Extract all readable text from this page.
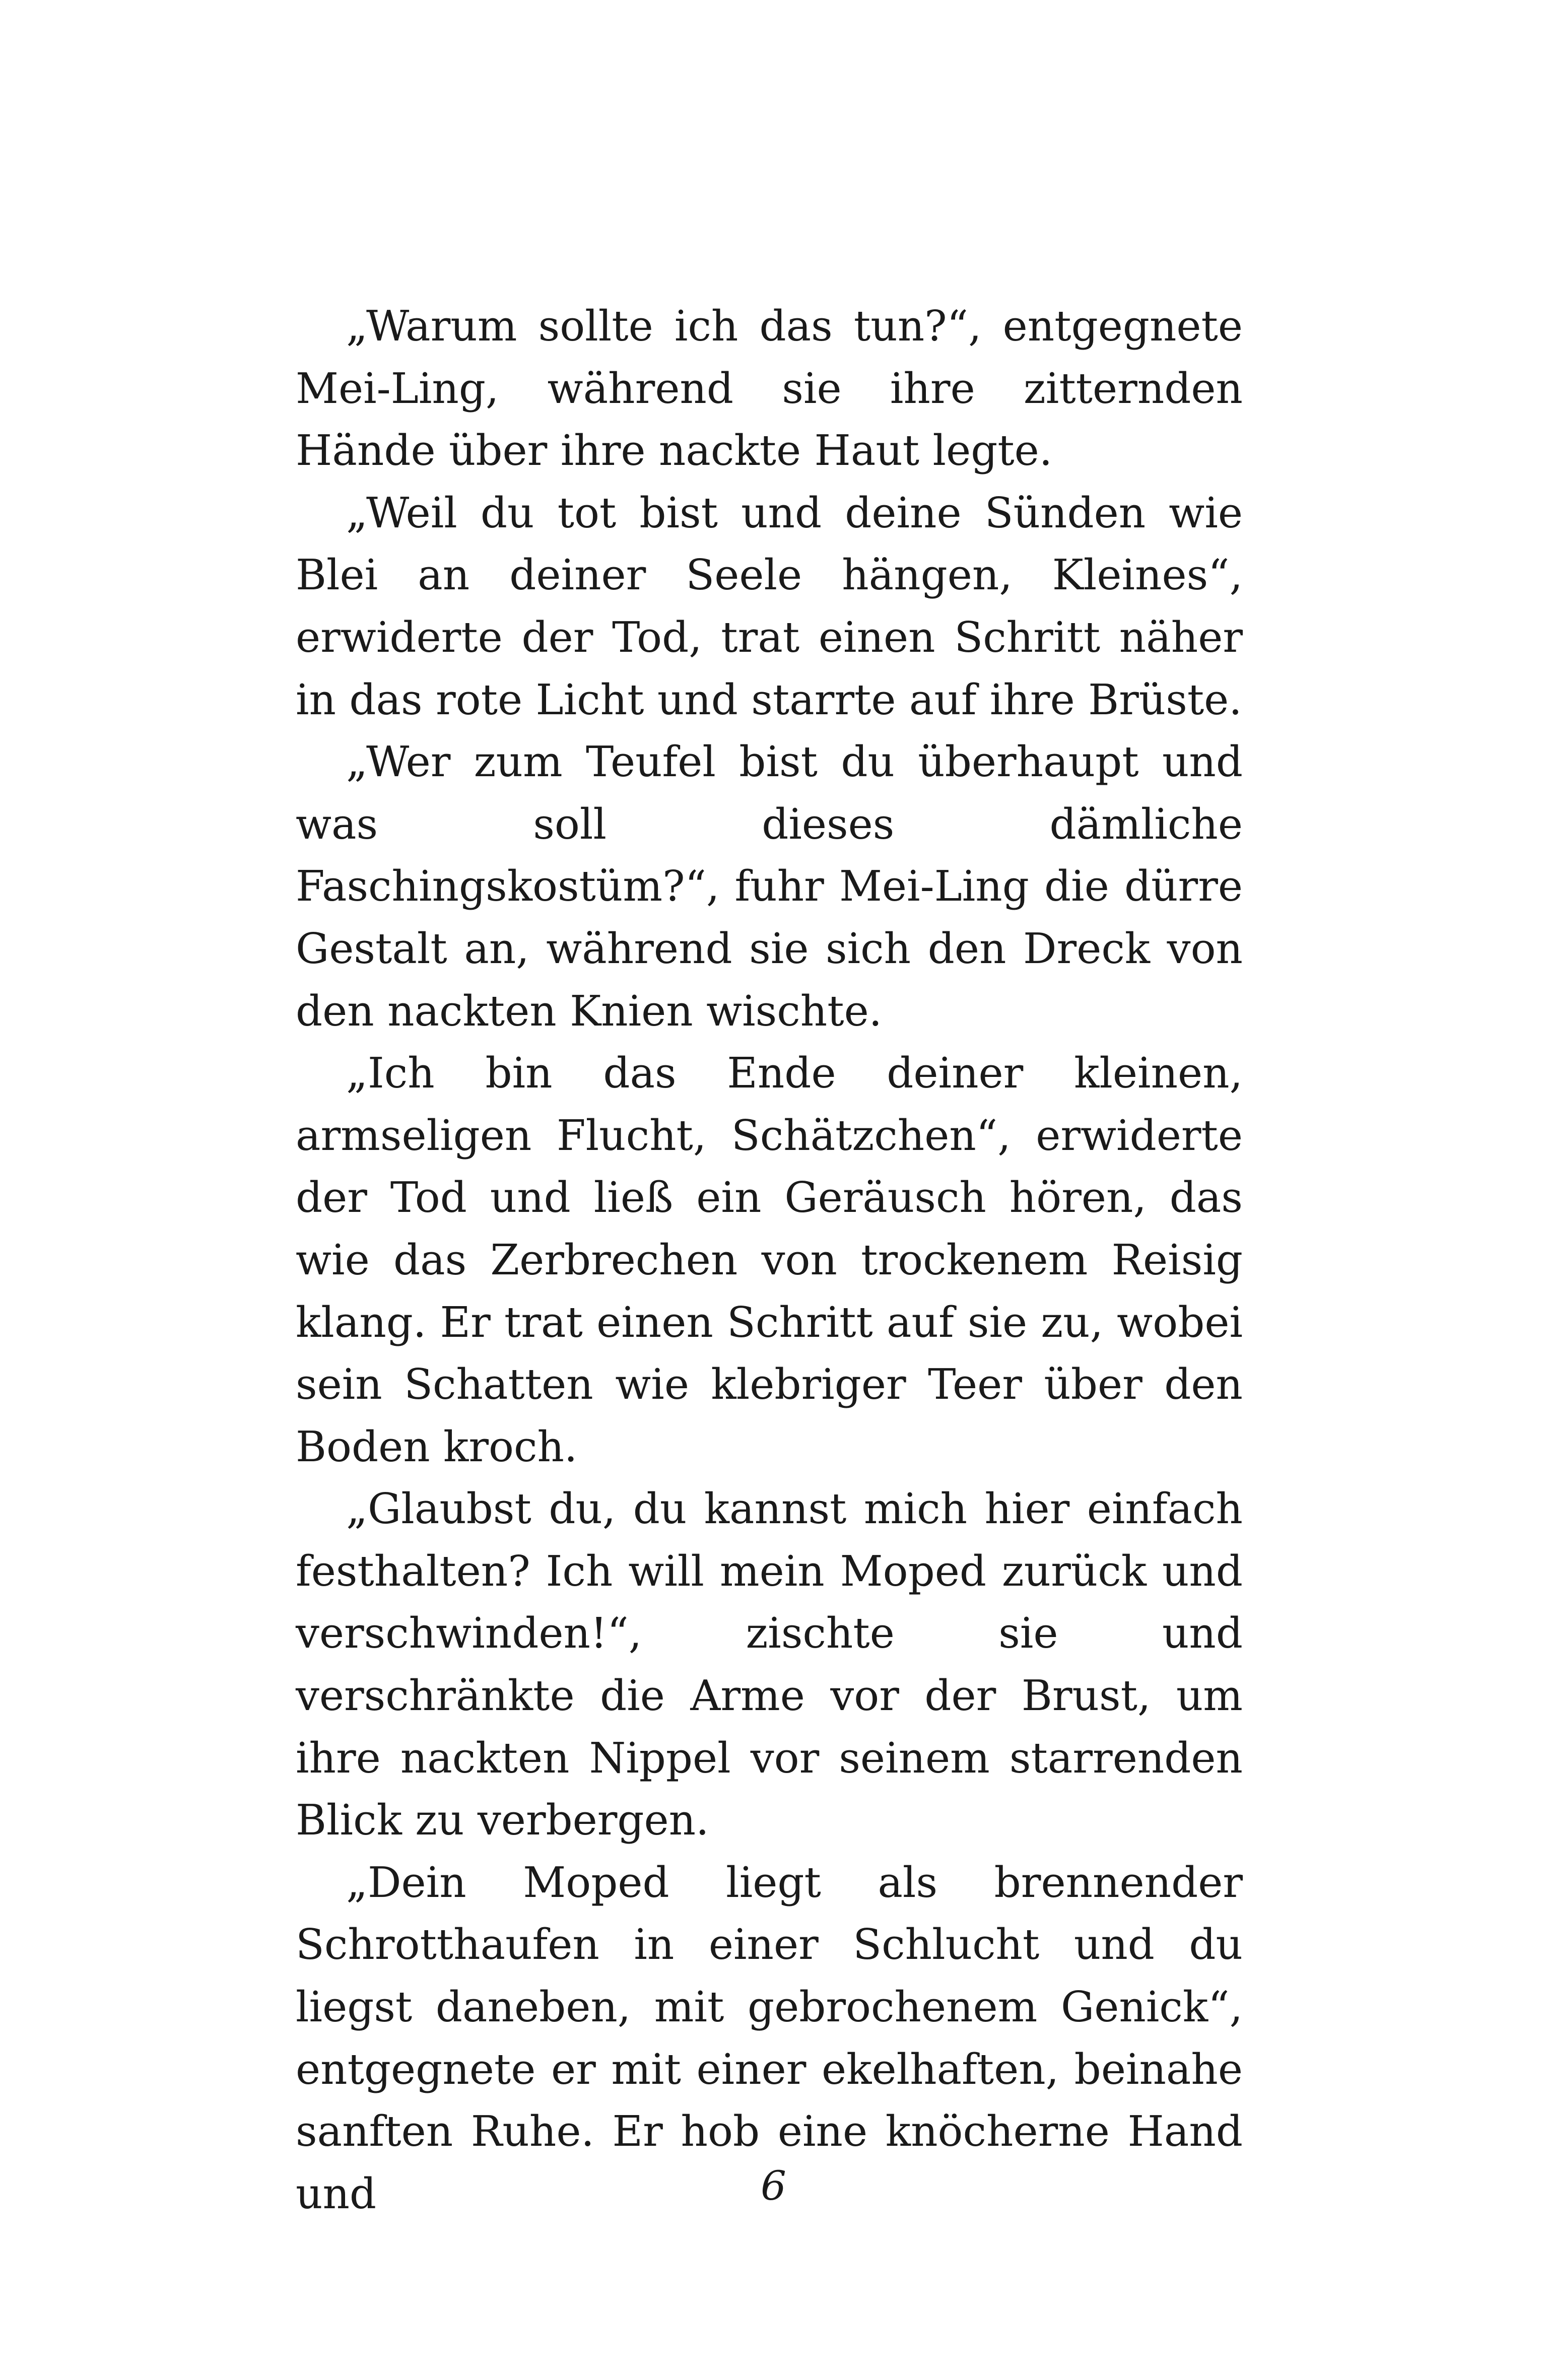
„Warum sollte ich das tun?“, entgegnete Mei-Ling, während sie ihre zitternden Hände über ihre nackte Haut legte.

„Weil du tot bist und deine Sünden wie Blei an deiner Seele hängen, Kleines“, erwiderte der Tod, trat einen Schritt näher in das rote Licht und starrte auf ihre Brüste.

„Wer zum Teufel bist du überhaupt und was soll dieses dämliche Faschingskostüm?“, fuhr Mei-Ling die dürre Gestalt an, während sie sich den Dreck von den nackten Knien wischte.

„Ich bin das Ende deiner kleinen, armseligen Flucht, Schätzchen“, erwiderte der Tod und ließ ein Geräusch hören, das wie das Zerbrechen von trockenem Reisig klang. Er trat einen Schritt auf sie zu, wobei sein Schatten wie klebriger Teer über den Boden kroch.

„Glaubst du, du kannst mich hier einfach festhalten? Ich will mein Moped zurück und verschwinden!“, zischte sie und verschränkte die Arme vor der Brust, um ihre nackten Nippel vor seinem starrenden Blick zu verbergen.

„Dein Moped liegt als brennender Schrotthaufen in einer Schlucht und du liegst daneben, mit gebrochenem Genick“, entgegnete er mit einer ekelhaften, beinahe sanften Ruhe. Er hob eine knöcherne Hand und	6
